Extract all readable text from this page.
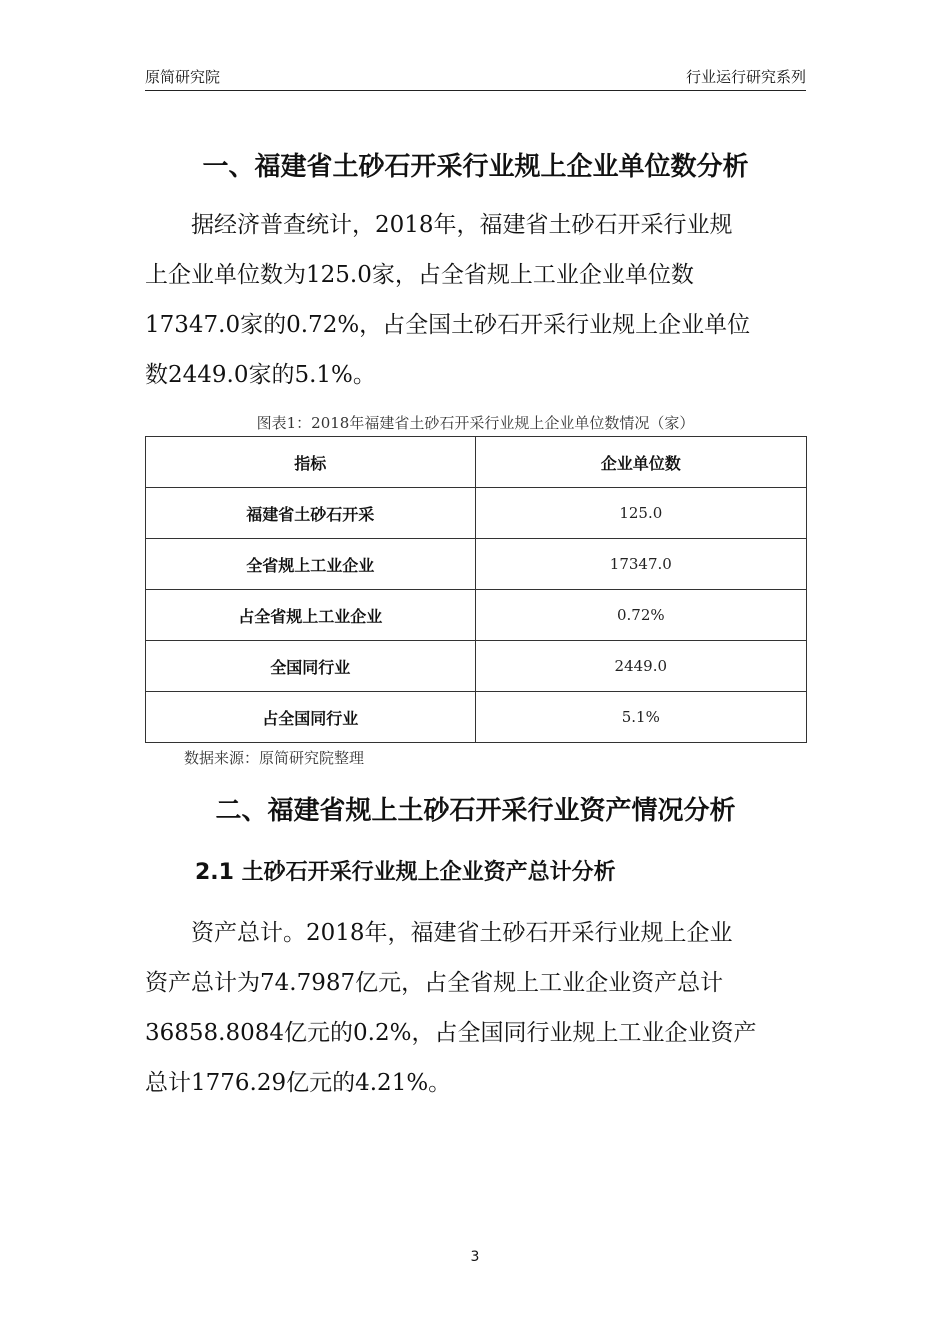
原简研究院	行业运行研究系列
一、福建省土砂石开采行业规上企业单位数分析

　　据经济普查统计，2018年，福建省土砂石开采行业规

上企业单位数为125.0家，占全省规上工业企业单位数

17347.0家的0.72%，占全国土砂石开采行业规上企业单位

数2449.0家的5.1%。

图表1：2018年福建省土砂石开采行业规上企业单位数情况（家）
指标	企业单位数
福建省土砂石开采	125.0
全省规上工业企业	17347.0
占全省规上工业企业	0.72%
全国同行业	2449.0
占全国同行业	5.1%
数据来源：原简研究院整理
二、福建省规上土砂石开采行业资产情况分析
2.1 土砂石开采行业规上企业资产总计分析

　　资产总计。2018年，福建省土砂石开采行业规上企业

资产总计为74.7987亿元，占全省规上工业企业资产总计

36858.8084亿元的0.2%，占全国同行业规上工业企业资产

总计1776.29亿元的4.21%。

3
